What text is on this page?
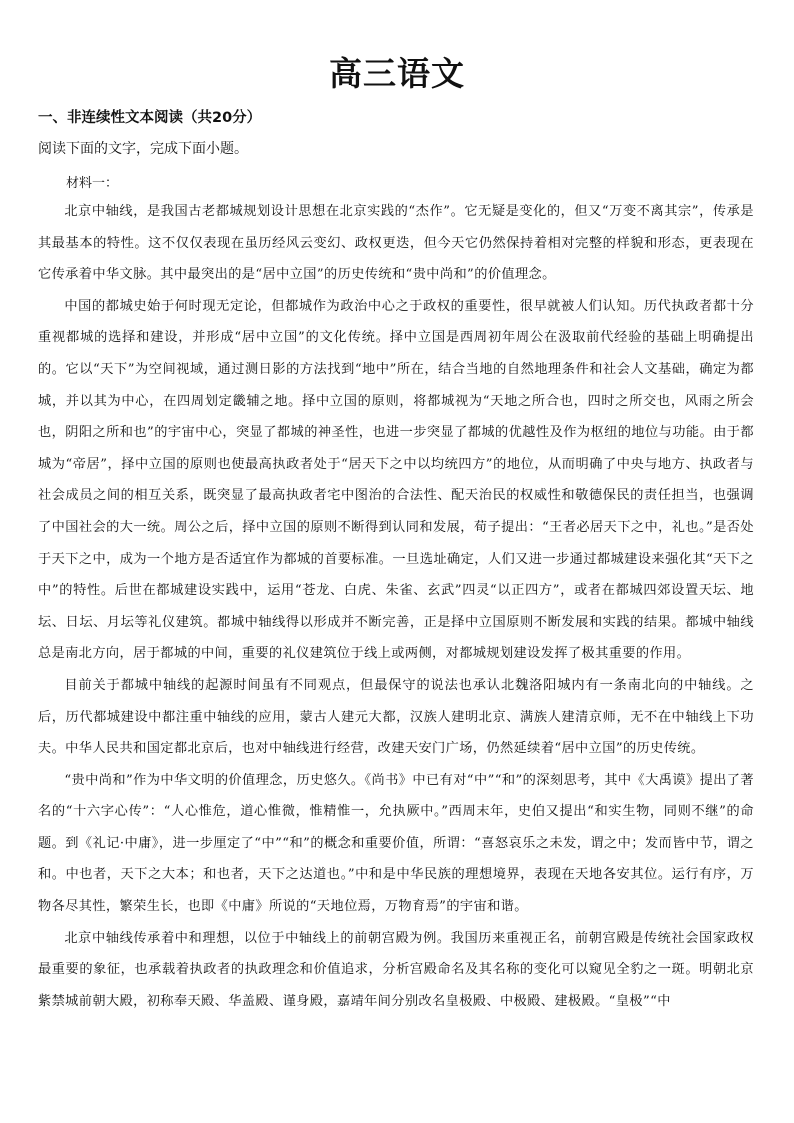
高三语文
一、非连续性文本阅读（共20分）
阅读下面的文字，完成下面小题。
材料一：

北京中轴线，是我国古老都城规划设计思想在北京实践的“杰作”。它无疑是变化的，但又“万变不离其宗”，传承是其最基本的特性。这不仅仅表现在虽历经风云变幻、政权更迭，但今天它仍然保持着相对完整的样貌和形态，更表现在它传承着中华文脉。其中最突出的是“居中立国”的历史传统和“贵中尚和”的价值理念。

中国的都城史始于何时现无定论，但都城作为政治中心之于政权的重要性，很早就被人们认知。历代执政者都十分重视都城的选择和建设，并形成“居中立国”的文化传统。择中立国是西周初年周公在汲取前代经验的基础上明确提出的。它以“天下”为空间视域，通过测日影的方法找到“地中”所在，结合当地的自然地理条件和社会人文基础，确定为都城，并以其为中心，在四周划定畿辅之地。择中立国的原则，将都城视为“天地之所合也，四时之所交也，风雨之所会也，阴阳之所和也”的宇宙中心，突显了都城的神圣性，也进一步突显了都城的优越性及作为枢纽的地位与功能。由于都城为“帝居”，择中立国的原则也使最高执政者处于“居天下之中以均统四方”的地位，从而明确了中央与地方、执政者与社会成员之间的相互关系，既突显了最高执政者宅中图治的合法性、配天治民的权威性和敬德保民的责任担当，也强调了中国社会的大一统。周公之后，择中立国的原则不断得到认同和发展，荀子提出：“王者必居天下之中，礼也。”是否处于天下之中，成为一个地方是否适宜作为都城的首要标准。一旦选址确定，人们又进一步通过都城建设来强化其“天下之中”的特性。后世在都城建设实践中，运用“苍龙、白虎、朱雀、玄武”四灵“以正四方”，或者在都城四郊设置天坛、地坛、日坛、月坛等礼仪建筑。都城中轴线得以形成并不断完善，正是择中立国原则不断发展和实践的结果。都城中轴线总是南北方向，居于都城的中间，重要的礼仪建筑位于线上或两侧，对都城规划建设发挥了极其重要的作用。

目前关于都城中轴线的起源时间虽有不同观点，但最保守的说法也承认北魏洛阳城内有一条南北向的中轴线。之后，历代都城建设中都注重中轴线的应用，蒙古人建元大都，汉族人建明北京、满族人建清京师，无不在中轴线上下功夫。中华人民共和国定都北京后，也对中轴线进行经营，改建天安门广场，仍然延续着“居中立国”的历史传统。

“贵中尚和”作为中华文明的价值理念，历史悠久。《尚书》中已有对“中”“和”的深刻思考，其中《大禹谟》提出了著名的“十六字心传”：“人心惟危，道心惟微，惟精惟一，允执厥中。”西周末年，史伯又提出“和实生物，同则不继”的命题。到《礼记·中庸》，进一步厘定了“中”“和”的概念和重要价值，所谓：“喜怒哀乐之未发，谓之中；发而皆中节，谓之和。中也者，天下之大本；和也者，天下之达道也。”中和是中华民族的理想境界，表现在天地各安其位。运行有序，万物各尽其性，繁荣生长，也即《中庸》所说的“天地位焉，万物育焉”的宇宙和谐。

北京中轴线传承着中和理想，以位于中轴线上的前朝宫殿为例。我国历来重视正名，前朝宫殿是传统社会国家政权最重要的象征，也承载着执政者的执政理念和价值追求，分析宫殿命名及其名称的变化可以窥见全豹之一斑。明朝北京紫禁城前朝大殿，初称奉天殿、华盖殿、谨身殿，嘉靖年间分别改名皇极殿、中极殿、建极殿。“皇极”“中
